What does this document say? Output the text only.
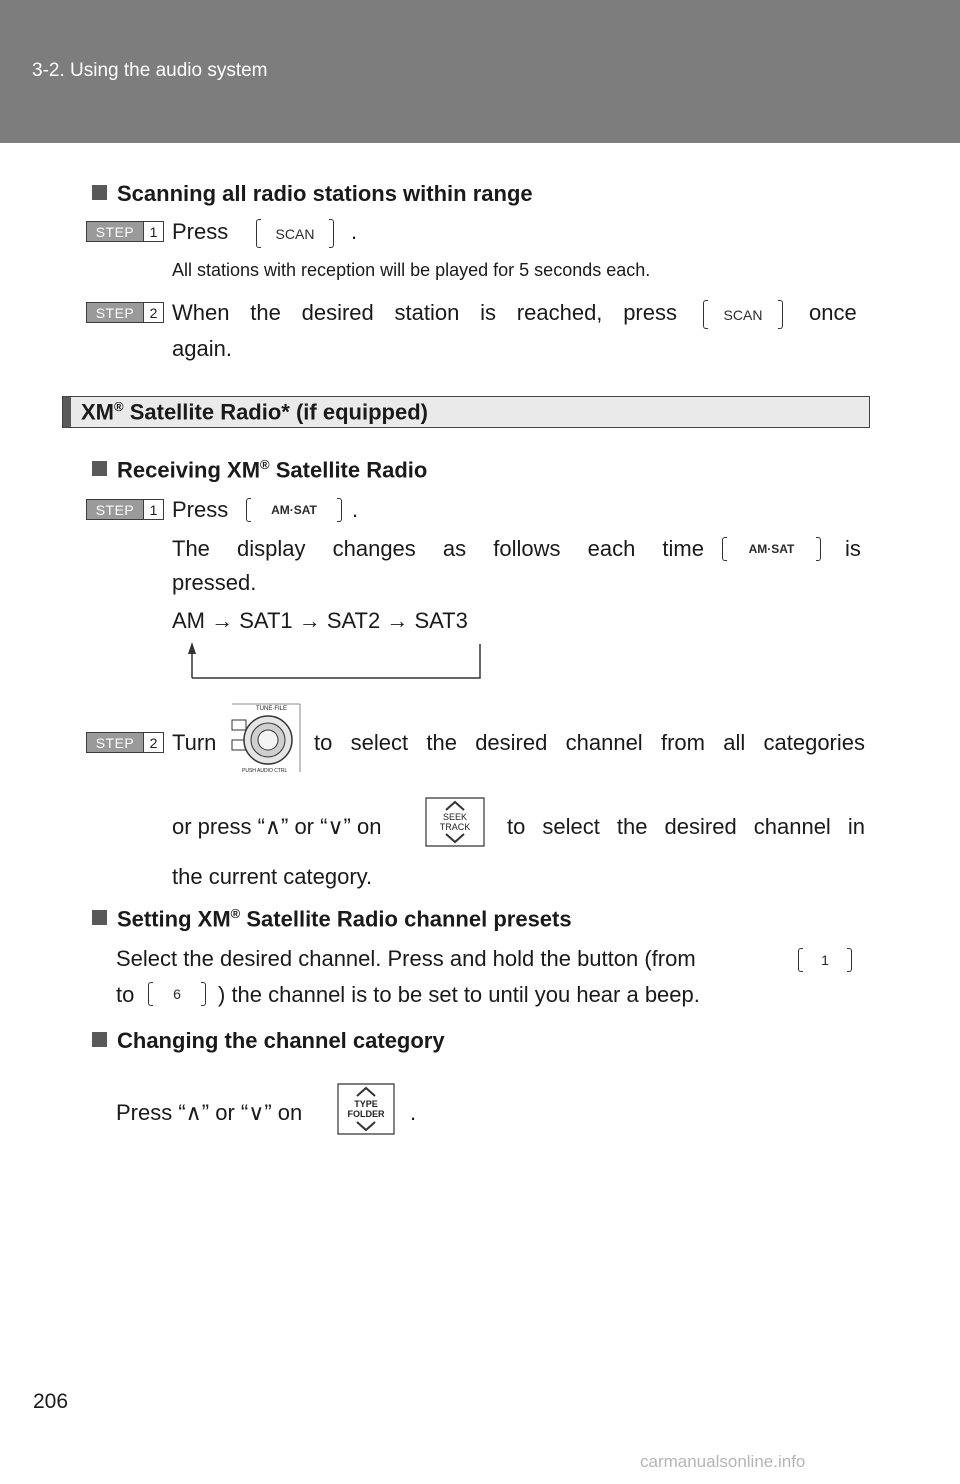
3-2. Using the audio system
Scanning all radio stations within range
STEP	1 Press	SCAN .
All stations with reception will be played for 5 seconds each.
STEP	2 When the desired station is reached, press	SCAN once
again.
XM® Satellite Radio* (if equipped)
Receiving XM® Satellite Radio
STEP	1 Press	AM·SAT .
The display changes as follows each time	AM·SAT is
pressed.
AM → SAT1 → SAT2 → SAT3
STEP	2 Turn
TUNE·FILE
PUSH AUDIO CTRL
to select the desired channel from all categories
or press “∧” or “∨” on	SEEK
TRACK to select the desired channel in
the current category.
Setting XM® Satellite Radio channel presets
Select the desired channel. Press and hold the button (from	1
to	6 ) the channel is to be set to until you hear a beep.
Changing the channel category
Press “∧” or “∨” on	TYPE
FOLDER .
206
carmanualsonline.info
